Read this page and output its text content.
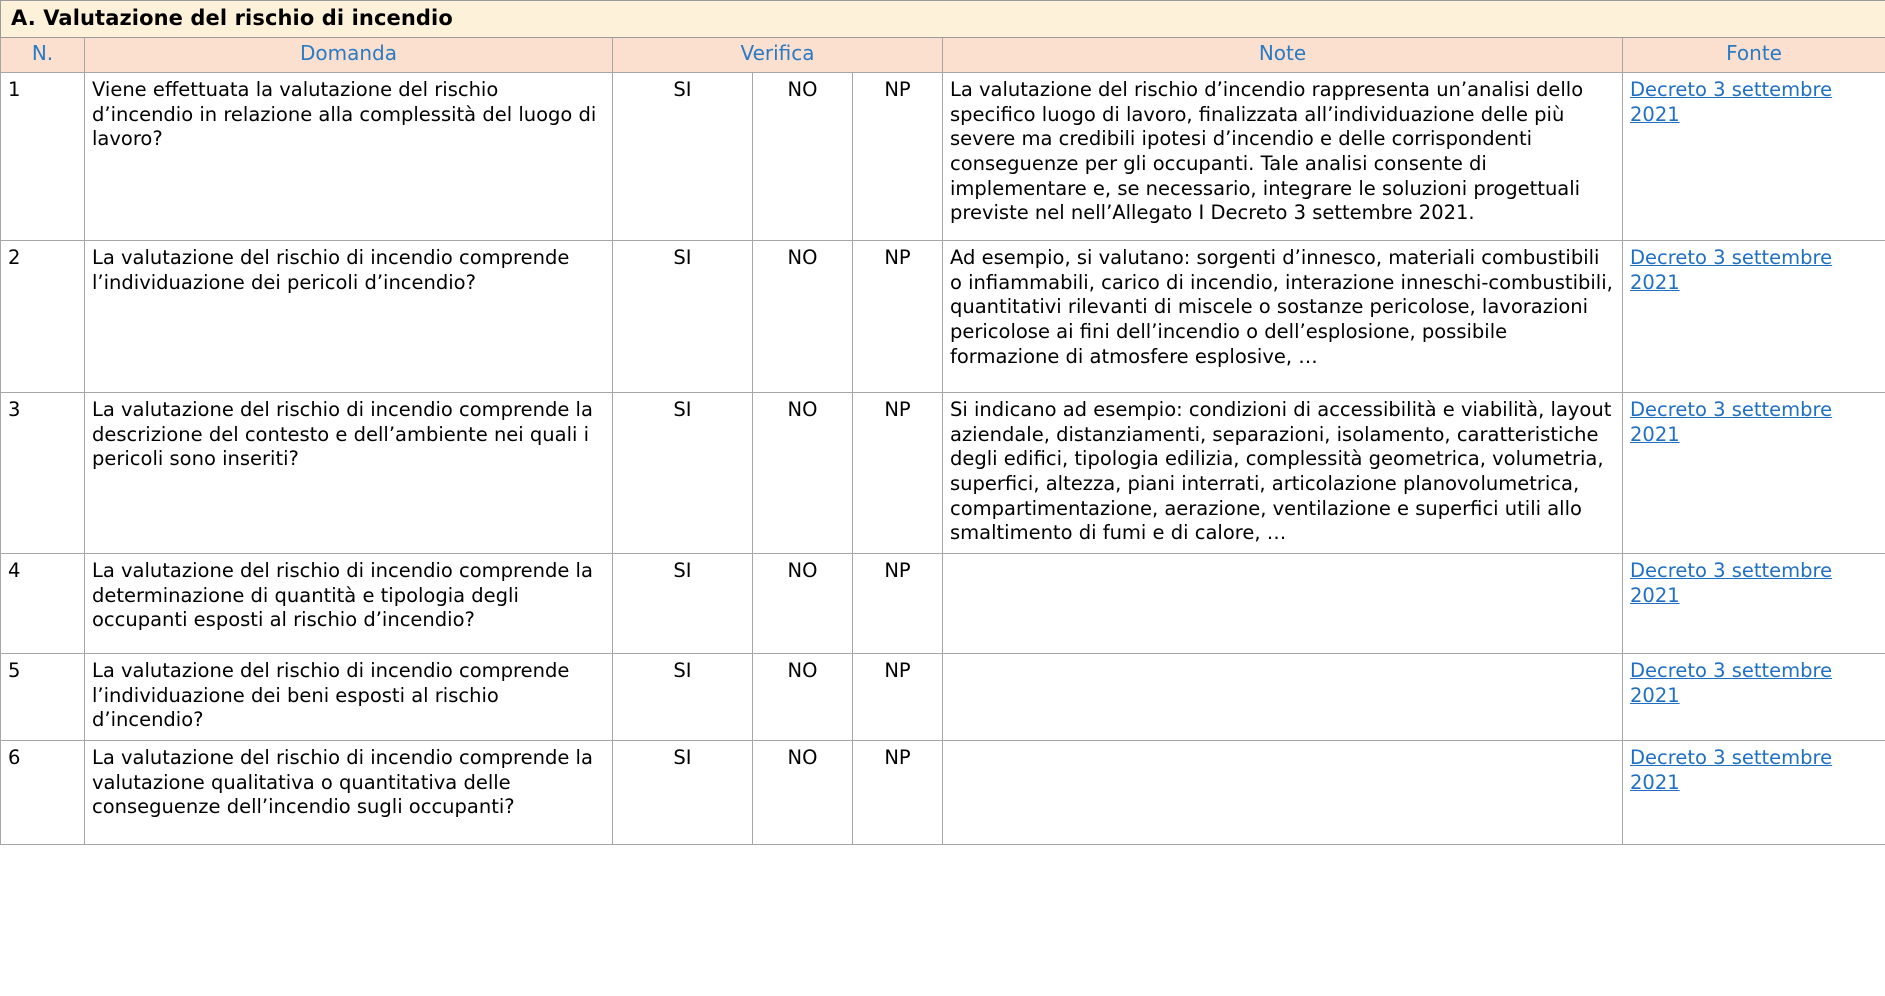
A. Valutazione del rischio di incendio						
N.	Domanda	Verifica			Note	Fonte
1	Viene effettuata la valutazione del rischio d’incendio in relazione alla complessità del luogo di lavoro?	SI	NO	NP	La valutazione del rischio d’incendio rappresenta un’analisi dello specifico luogo di lavoro, finalizzata all’individuazione delle più severe ma credibili ipotesi d’incendio e delle corrispondenti conseguenze per gli occupanti. Tale analisi consente di implementare e, se necessario, integrare le soluzioni progettuali previste nel nell’Allegato I Decreto 3 settembre 2021.	Decreto 3 settembre 2021
2	La valutazione del rischio di incendio comprende l’individuazione dei pericoli d’incendio?	SI	NO	NP	Ad esempio, si valutano: sorgenti d’innesco, materiali combustibili o infiammabili, carico di incendio, interazione inneschi-combustibili, quantitativi rilevanti di miscele o sostanze pericolose, lavorazioni pericolose ai fini dell’incendio o dell’esplosione, possibile formazione di atmosfere esplosive, …	Decreto 3 settembre 2021
3	La valutazione del rischio di incendio comprende la descrizione del contesto e dell’ambiente nei quali i pericoli sono inseriti?	SI	NO	NP	Si indicano ad esempio: condizioni di accessibilità e viabilità, layout aziendale, distanziamenti, separazioni, isolamento, caratteristiche degli edifici, tipologia edilizia, complessità geometrica, volumetria, superfici, altezza, piani interrati, articolazione planovolumetrica, compartimentazione, aerazione, ventilazione e superfici utili allo smaltimento di fumi e di calore, …	Decreto 3 settembre 2021
4	La valutazione del rischio di incendio comprende la determinazione di quantità e tipologia degli occupanti esposti al rischio d’incendio?	SI	NO	NP		Decreto 3 settembre 2021
5	La valutazione del rischio di incendio comprende l’individuazione dei beni esposti al rischio d’incendio?	SI	NO	NP		Decreto 3 settembre 2021
6	La valutazione del rischio di incendio comprende la valutazione qualitativa o quantitativa delle conseguenze dell’incendio sugli occupanti?	SI	NO	NP		Decreto 3 settembre 2021
